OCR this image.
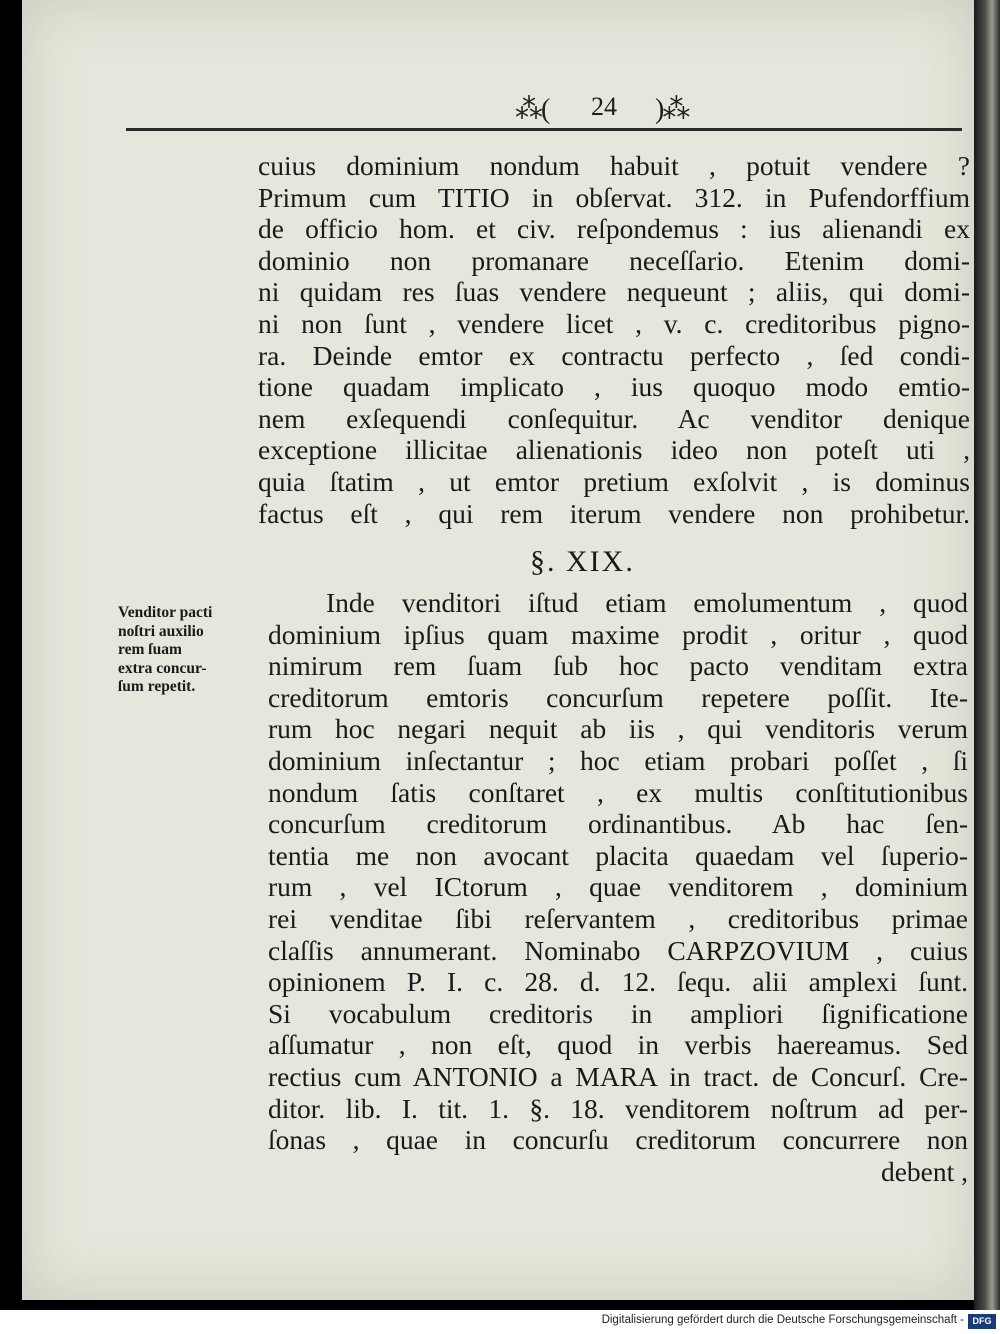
⁂( 24 )⁂
cuius dominium nondum habuit , potuit vendere ?
Primum cum TITIO in obſervat. 312. in Pufendorffium
de officio hom. et civ. reſpondemus : ius alienandi ex
dominio non promanare neceſſario. Etenim domi-
ni quidam res ſuas vendere nequeunt ; aliis, qui domi-
ni non ſunt , vendere licet , v. c. creditoribus pigno-
ra. Deinde emtor ex contractu perfecto , ſed condi-
tione quadam implicato , ius quoquo modo emtio-
nem exſequendi conſequitur. Ac venditor denique
exceptione illicitae alienationis ideo non poteſt uti ,
quia ſtatim , ut emtor pretium exſolvit , is dominus
factus eſt , qui rem iterum vendere non prohibetur.
§. XIX.
Venditor pacti
noſtri auxilio
rem ſuam
extra concur-
ſum repetit.
Inde venditori iſtud etiam emolumentum , quod
dominium ipſius quam maxime prodit , oritur , quod
nimirum rem ſuam ſub hoc pacto venditam extra
creditorum emtoris concurſum repetere poſſit. Ite-
rum hoc negari nequit ab iis , qui venditoris verum
dominium inſectantur ; hoc etiam probari poſſet , ſi
nondum ſatis conſtaret , ex multis conſtitutionibus
concurſum creditorum ordinantibus. Ab hac ſen-
tentia me non avocant placita quaedam vel ſuperio-
rum , vel ICtorum , quae venditorem , dominium
rei venditae ſibi reſervantem , creditoribus primae
claſſis annumerant. Nominabo CARPZOVIUM , cuius
opinionem P. I. c. 28. d. 12. ſequ. alii amplexi ſunt.
Si vocabulum creditoris in ampliori ſignificatione
aſſumatur , non eſt, quod in verbis haereamus. Sed
rectius cum ANTONIO a MARA in tract. de Concurſ. Cre-
ditor. lib. I. tit. 1. §. 18. venditorem noſtrum ad per-
ſonas , quae in concurſu creditorum concurrere non
debent ,
Digitalisierung gefördert durch die Deutsche Forschungsgemeinschaft - DFG
